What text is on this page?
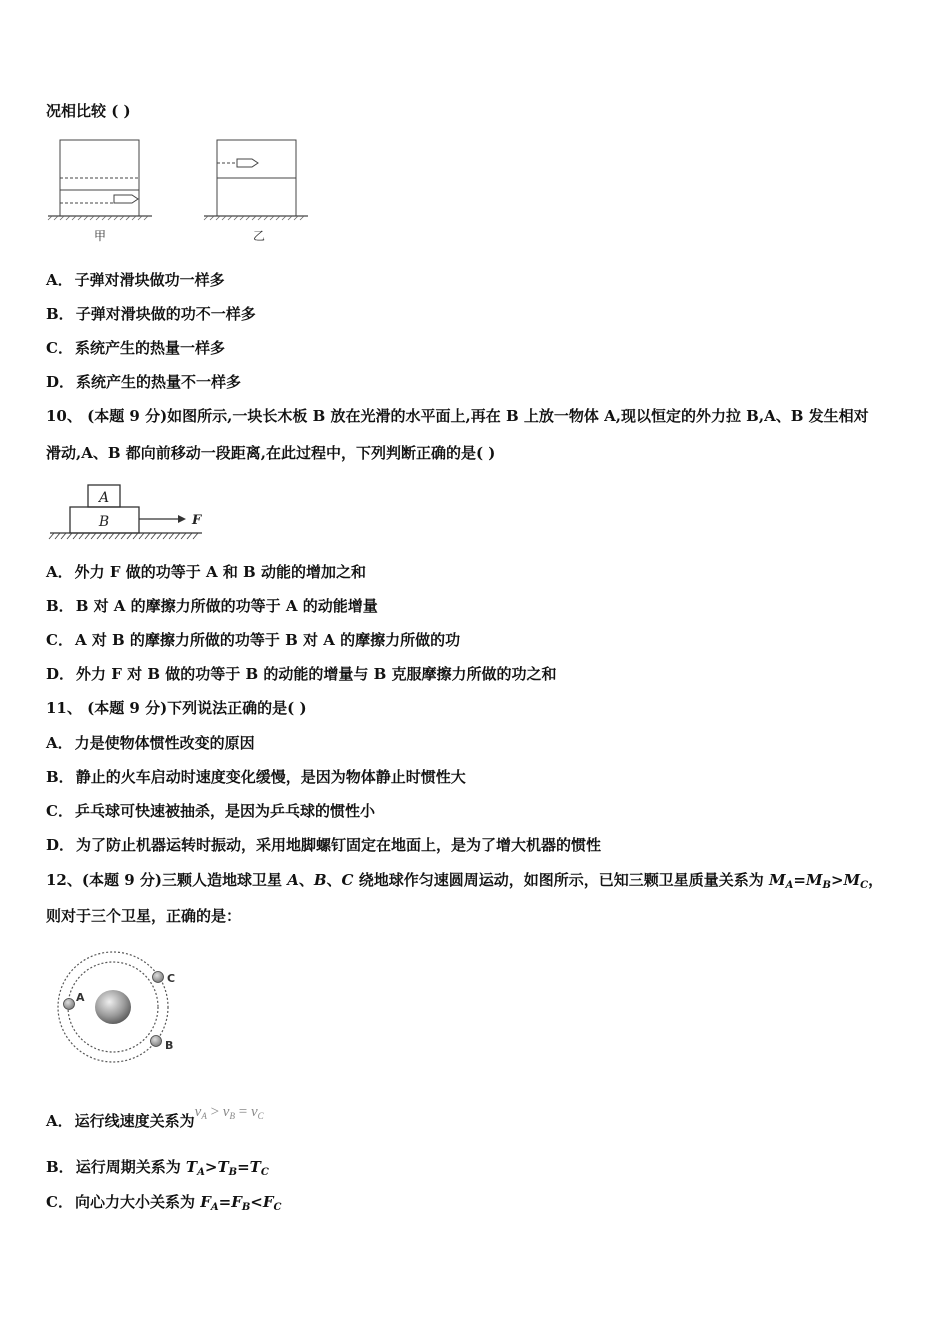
况相比较 ( )
甲	乙
A． 子弹对滑块做功一样多
B． 子弹对滑块做的功不一样多
C． 系统产生的热量一样多
D． 系统产生的热量不一样多
10、 (本题 9 分)如图所示,一块长木板 B 放在光滑的水平面上,再在 B 上放一物体 A,现以恒定的外力拉 B,A、B 发生相对
滑动,A、B 都向前移动一段距离,在此过程中，下列判断正确的是( )
A
B	F
A． 外力 F 做的功等于 A 和 B 动能的增加之和
B． B 对 A 的摩擦力所做的功等于 A 的动能增量
C． A 对 B 的摩擦力所做的功等于 B 对 A 的摩擦力所做的功
D． 外力 F 对 B 做的功等于 B 的动能的增量与 B 克服摩擦力所做的功之和
11、 (本题 9 分)下列说法正确的是( )
A． 力是使物体惯性改变的原因
B． 静止的火车启动时速度变化缓慢，是因为物体静止时惯性大
C． 乒乓球可快速被抽杀，是因为乒乓球的惯性小
D． 为了防止机器运转时振动，采用地脚螺钉固定在地面上，是为了增大机器的惯性
12、(本题 9 分)三颗人造地球卫星 A、B、C 绕地球作匀速圆周运动，如图所示，已知三颗卫星质量关系为 $M_A=M_B>M_C$，
则对于三个卫星，正确的是：
A
C
B
A． 运行线速度关系为$v_A > v_B = v_C$
B． 运行周期关系为 $T_A>T_B=T_C$
C． 向心力大小关系为 $F_A=F_B<F_C$
